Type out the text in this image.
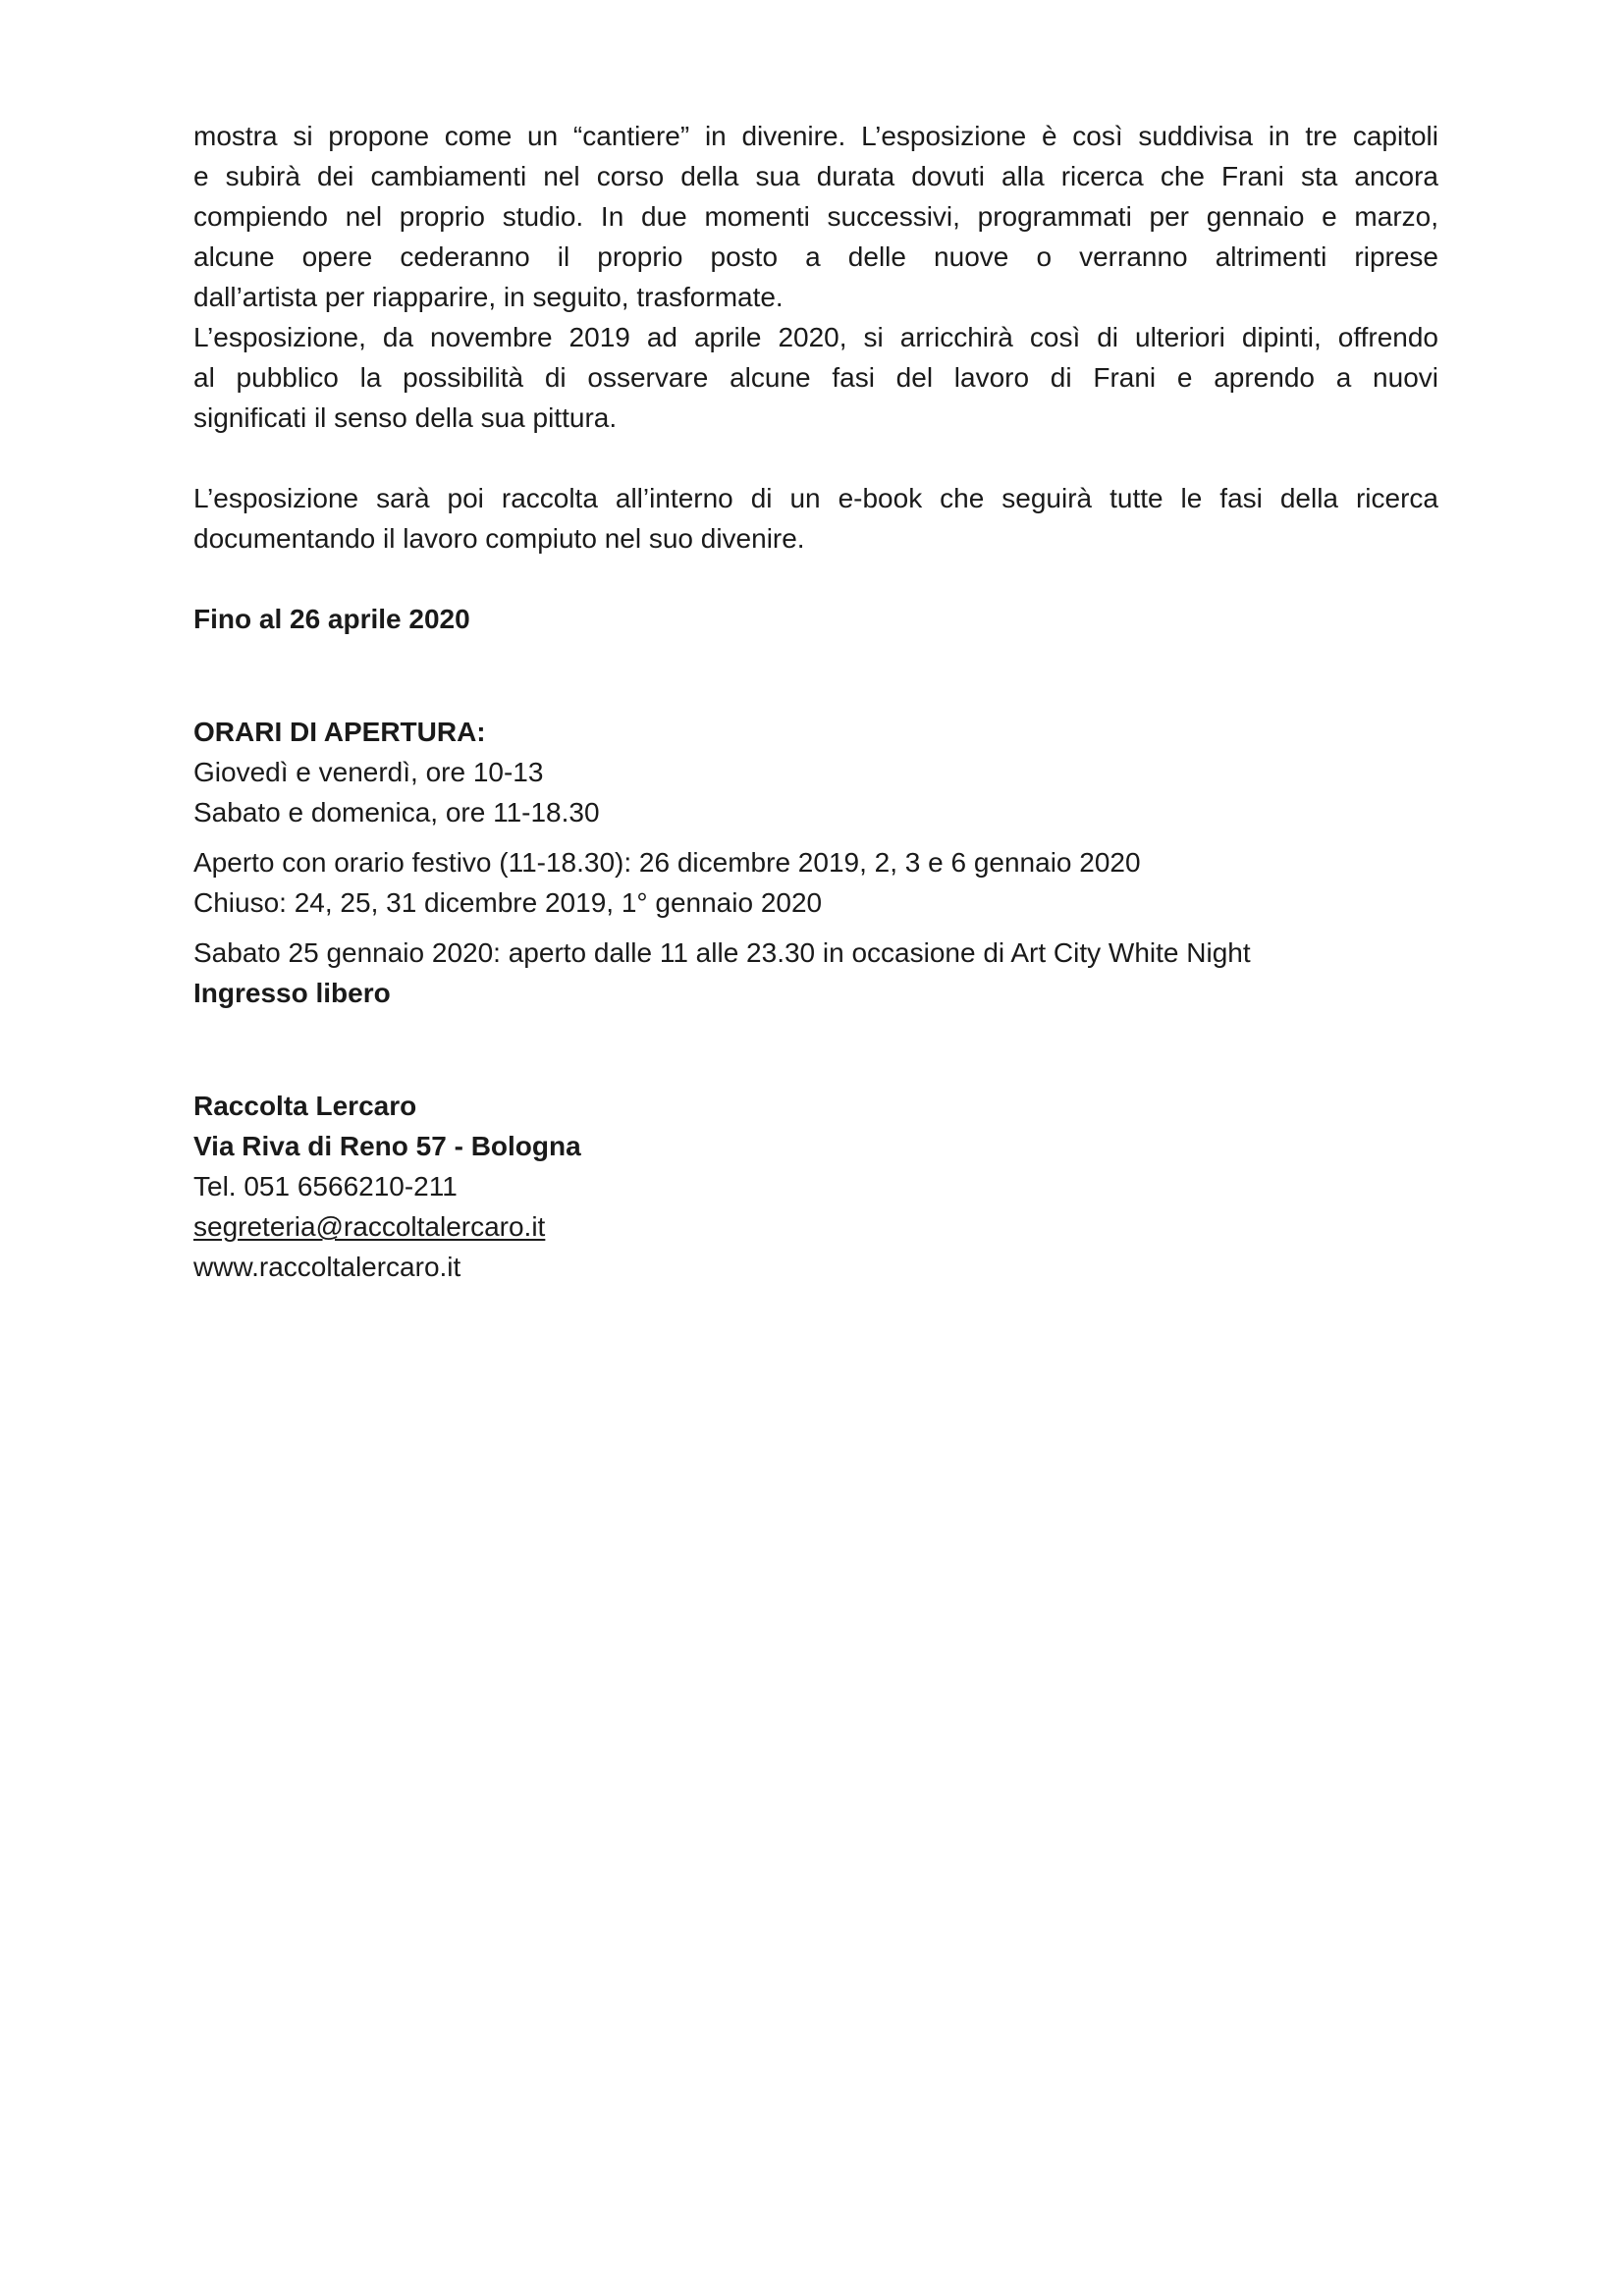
mostra si propone come un “cantiere” in divenire. L’esposizione è così suddivisa in tre capitoli
e subirà dei cambiamenti nel corso della sua durata dovuti alla ricerca che Frani sta ancora
compiendo nel proprio studio. In due momenti successivi, programmati per gennaio e marzo,
alcune opere cederanno il proprio posto a delle nuove o verranno altrimenti riprese
dall’artista per riapparire, in seguito, trasformate.
L’esposizione, da novembre 2019 ad aprile 2020, si arricchirà così di ulteriori dipinti, offrendo
al pubblico la possibilità di osservare alcune fasi del lavoro di Frani e aprendo a nuovi
significati il senso della sua pittura.
L’esposizione sarà poi raccolta all’interno di un e-book che seguirà tutte le fasi della ricerca
documentando il lavoro compiuto nel suo divenire.

Fino al 26 aprile 2020

ORARI DI APERTURA:
Giovedì e venerdì, ore 10-13
Sabato e domenica, ore 11-18.30
Aperto con orario festivo (11-18.30): 26 dicembre 2019, 2, 3 e 6 gennaio 2020
Chiuso: 24, 25, 31 dicembre 2019, 1° gennaio 2020
Sabato 25 gennaio 2020: aperto dalle 11 alle 23.30 in occasione di Art City White Night
Ingresso libero
Raccolta Lercaro
Via Riva di Reno 57 - Bologna
Tel. 051 6566210-211
segreteria@raccoltalercaro.it
www.raccoltalercaro.it
